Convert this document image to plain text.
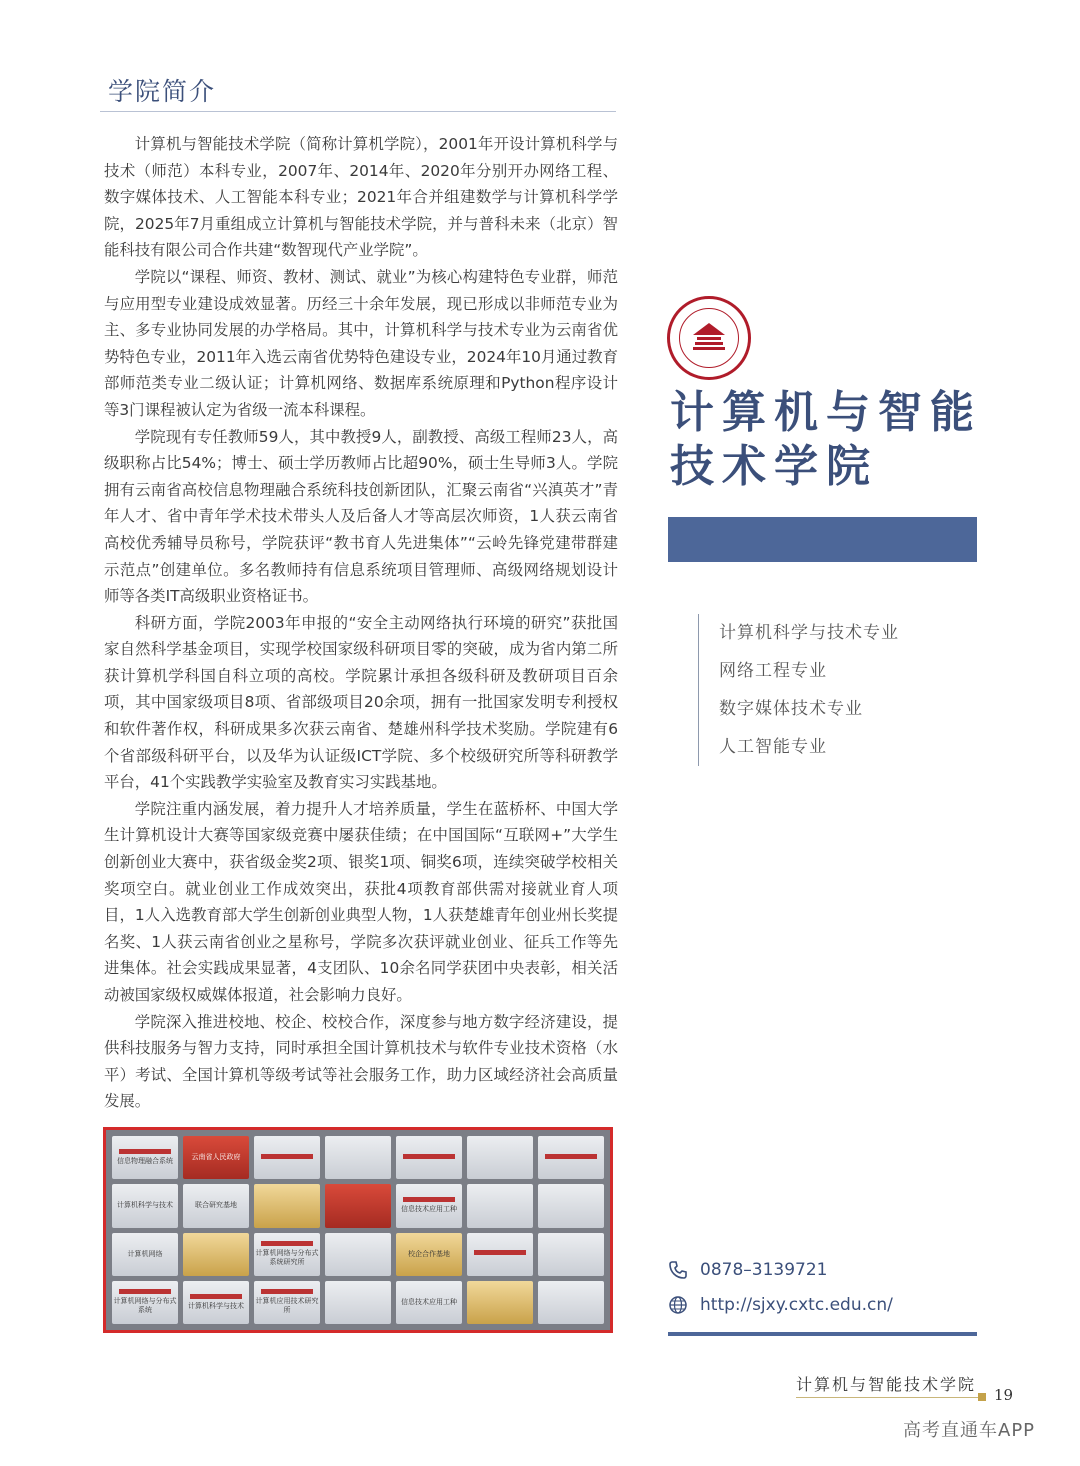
学院简介

计算机与智能技术学院（简称计算机学院），2001年开设计算机科学与技术（师范）本科专业，2007年、2014年、2020年分别开办网络工程、数字媒体技术、人工智能本科专业；2021年合并组建数学与计算机科学学院，2025年7月重组成立计算机与智能技术学院，并与普科未来（北京）智能科技有限公司合作共建“数智现代产业学院”。

学院以“课程、师资、教材、测试、就业”为核心构建特色专业群，师范与应用型专业建设成效显著。历经三十余年发展，现已形成以非师范专业为主、多专业协同发展的办学格局。其中，计算机科学与技术专业为云南省优势特色专业，2011年入选云南省优势特色建设专业，2024年10月通过教育部师范类专业二级认证；计算机网络、数据库系统原理和Python程序设计等3门课程被认定为省级一流本科课程。

学院现有专任教师59人，其中教授9人，副教授、高级工程师23人，高级职称占比54%；博士、硕士学历教师占比超90%，硕士生导师3人。学院拥有云南省高校信息物理融合系统科技创新团队，汇聚云南省“兴滇英才”青年人才、省中青年学术技术带头人及后备人才等高层次师资，1人获云南省高校优秀辅导员称号，学院获评“教书育人先进集体”“云岭先锋党建带群建示范点”创建单位。多名教师持有信息系统项目管理师、高级网络规划设计师等各类IT高级职业资格证书。

科研方面，学院2003年申报的“安全主动网络执行环境的研究”获批国家自然科学基金项目，实现学校国家级科研项目零的突破，成为省内第二所获计算机学科国自科立项的高校。学院累计承担各级科研及教研项目百余项，其中国家级项目8项、省部级项目20余项，拥有一批国家发明专利授权和软件著作权，科研成果多次获云南省、楚雄州科学技术奖励。学院建有6个省部级科研平台，以及华为认证级ICT学院、多个校级研究所等科研教学平台，41个实践教学实验室及教育实习实践基地。

学院注重内涵发展，着力提升人才培养质量，学生在蓝桥杯、中国大学生计算机设计大赛等国家级竞赛中屡获佳绩；在中国国际“互联网+”大学生创新创业大赛中，获省级金奖2项、银奖1项、铜奖6项，连续突破学校相关奖项空白。就业创业工作成效突出，获批4项教育部供需对接就业育人项目，1人入选教育部大学生创新创业典型人物，1人获楚雄青年创业州长奖提名奖、1人获云南省创业之星称号，学院多次获评就业创业、征兵工作等先进集体。社会实践成果显著，4支团队、10余名同学获团中央表彰，相关活动被国家级权威媒体报道，社会影响力良好。

学院深入推进校地、校企、校校合作，深度参与地方数字经济建设，提供科技服务与智力支持，同时承担全国计算机技术与软件专业技术资格（水平）考试、全国计算机等级考试等社会服务工作，助力区域经济社会高质量发展。

信息物理融合系统	云南省人民政府
计算机科学与技术	联合研究基地	信息技术应用工种
计算机网络	计算机网络与分布式系统研究所
校企合作基地
计算机网络与分布式系统
计算机科学与技术
计算机应用技术研究所
信息技术应用工种
计算机与智能
技术学院
计算机科学与技术专业
网络工程专业
数字媒体技术专业
人工智能专业
0878–3139721
http://sjxy.cxtc.edu.cn/
计算机与智能技术学院
19
高考直通车APP
